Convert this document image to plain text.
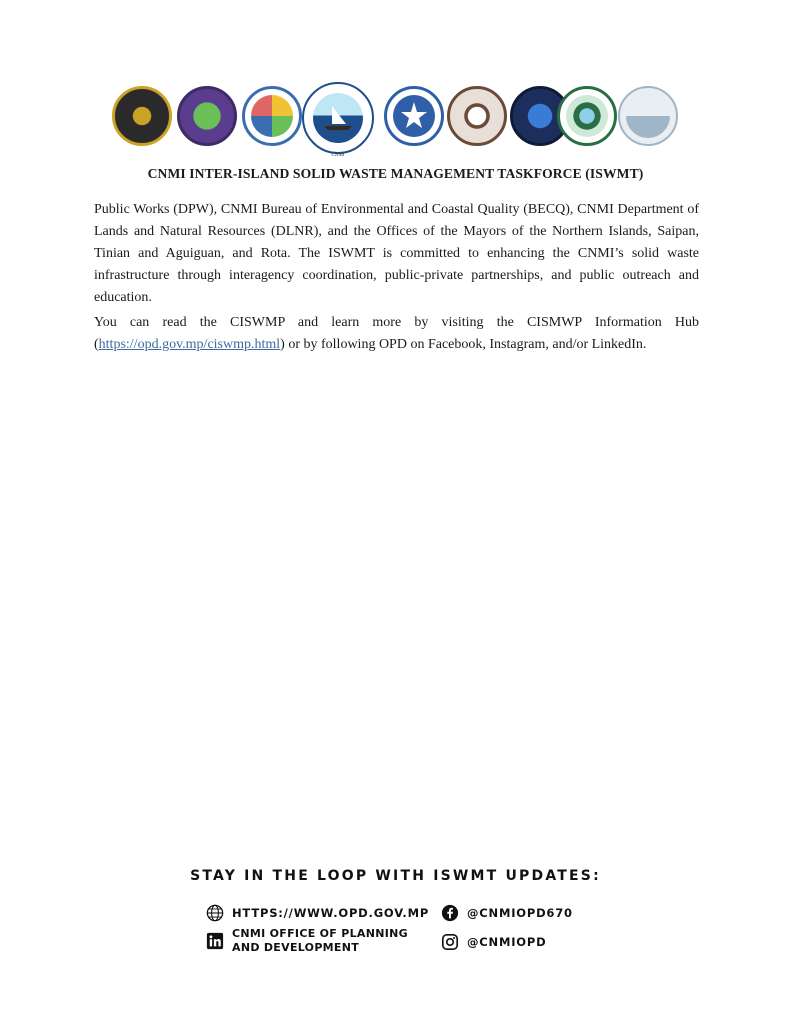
CNMI
CNMI INTER-ISLAND SOLID WASTE MANAGEMENT TASKFORCE (ISWMT)

Public Works (DPW), CNMI Bureau of Environmental and Coastal Quality (BECQ), CNMI Department of Lands and Natural Resources (DLNR), and the Offices of the Mayors of the Northern Islands, Saipan, Tinian and Aguiguan, and Rota. The ISWMT is committed to enhancing the CNMI’s solid waste infrastructure through interagency coordination, public-private partnerships, and public outreach and education.

You can read the CISWMP and learn more by visiting the CISMWP Information Hub (https://opd.gov.mp/ciswmp.html) or by following OPD on Facebook, Instagram, and/or LinkedIn.

STAY IN THE LOOP WITH ISWMT UPDATES:
HTTPS://WWW.OPD.GOV.MP	@CNMIOPD670
CNMI OFFICE OF PLANNING
AND DEVELOPMENT	@CNMIOPD
